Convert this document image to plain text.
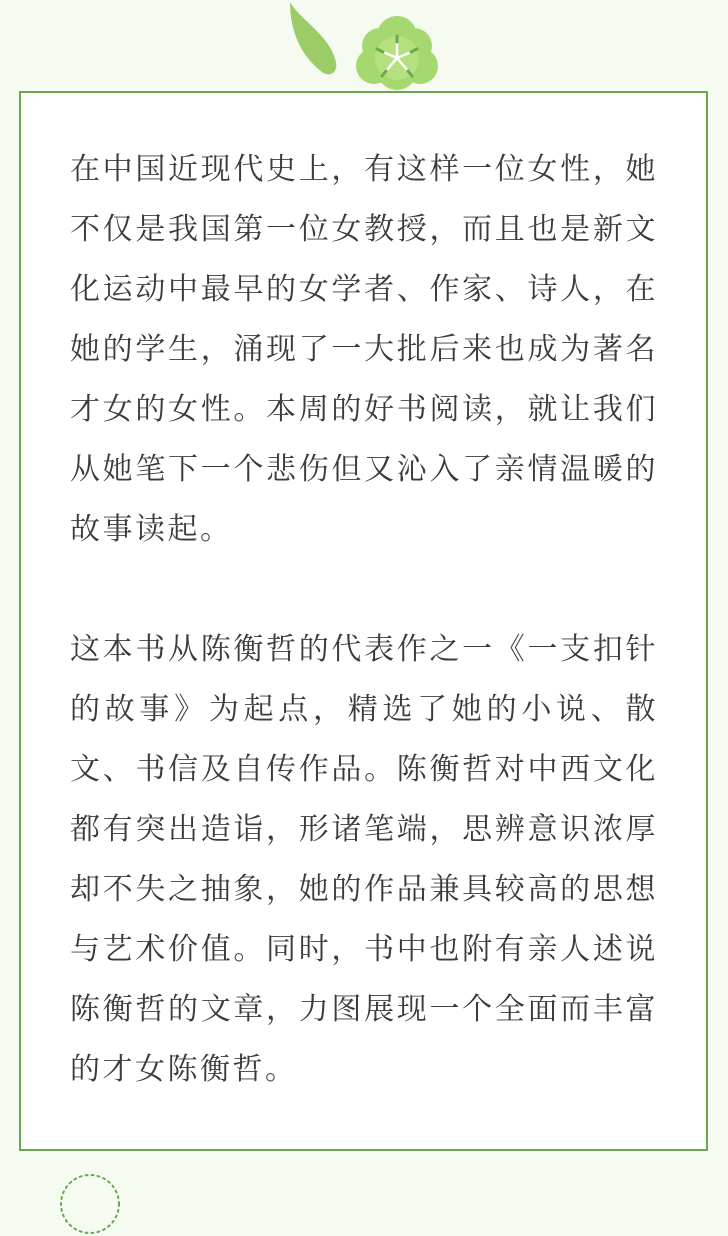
在中国近现代史上，有这样一位女性，她不仅是我国第一位女教授，而且也是新文化运动中最早的女学者、作家、诗人，在她的学生，涌现了一大批后来也成为著名才女的女性。本周的好书阅读，就让我们从她笔下一个悲伤但又沁入了亲情温暖的故事读起。

这本书从陈衡哲的代表作之一《一支扣针的故事》为起点，精选了她的小说、散文、书信及自传作品。陈衡哲对中西文化都有突出造诣，形诸笔端，思辨意识浓厚却不失之抽象，她的作品兼具较高的思想与艺术价值。同时，书中也附有亲人述说陈衡哲的文章，力图展现一个全面而丰富的才女陈衡哲。
